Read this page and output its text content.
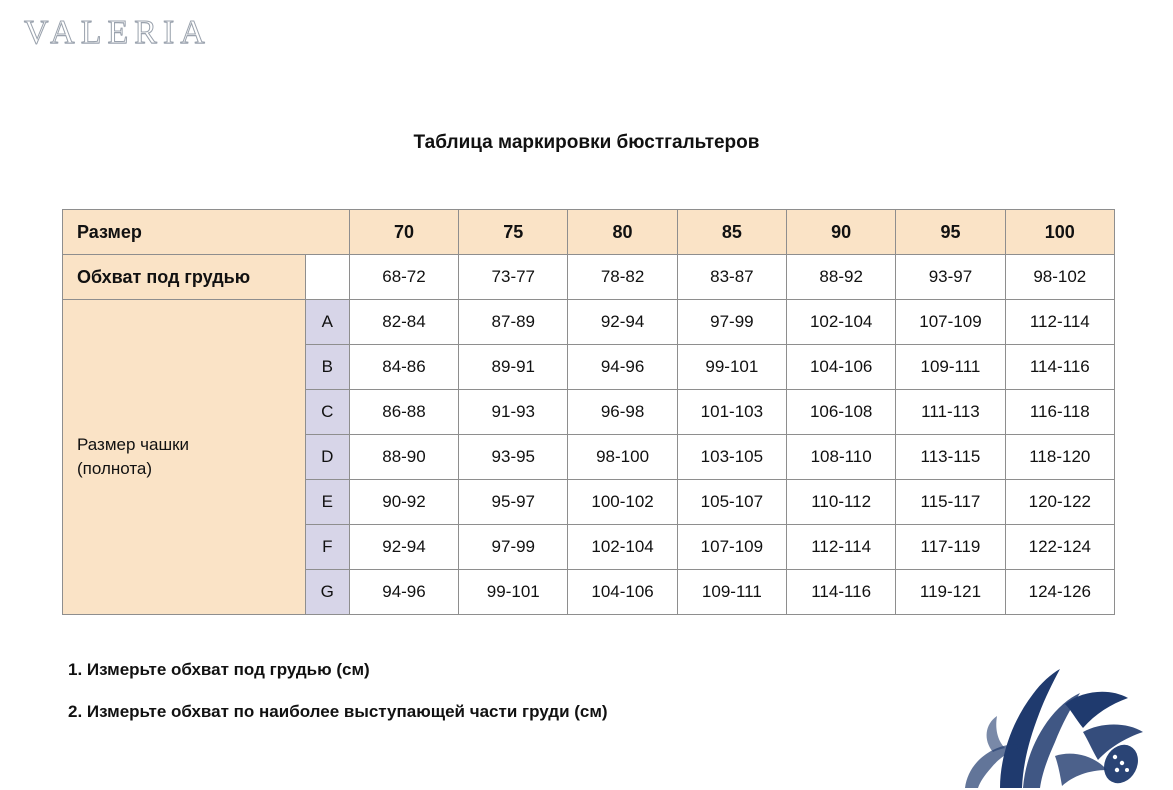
VALERIA
Таблица маркировки бюстгальтеров
Размер		70	75	80	85	90	95	100
Обхват под грудью		68-72	73-77	78-82	83-87	88-92	93-97	98-102
Размер чашки
(полнота)	A	82-84	87-89	92-94	97-99	102-104	107-109	112-114
	B	84-86	89-91	94-96	99-101	104-106	109-111	114-116
	C	86-88	91-93	96-98	101-103	106-108	111-113	116-118
	D	88-90	93-95	98-100	103-105	108-110	113-115	118-120
	E	90-92	95-97	100-102	105-107	110-112	115-117	120-122
	F	92-94	97-99	102-104	107-109	112-114	117-119	122-124
	G	94-96	99-101	104-106	109-111	114-116	119-121	124-126
1. Измерьте обхват под грудью (см)
2. Измерьте обхват по наиболее выступающей части груди (см)
